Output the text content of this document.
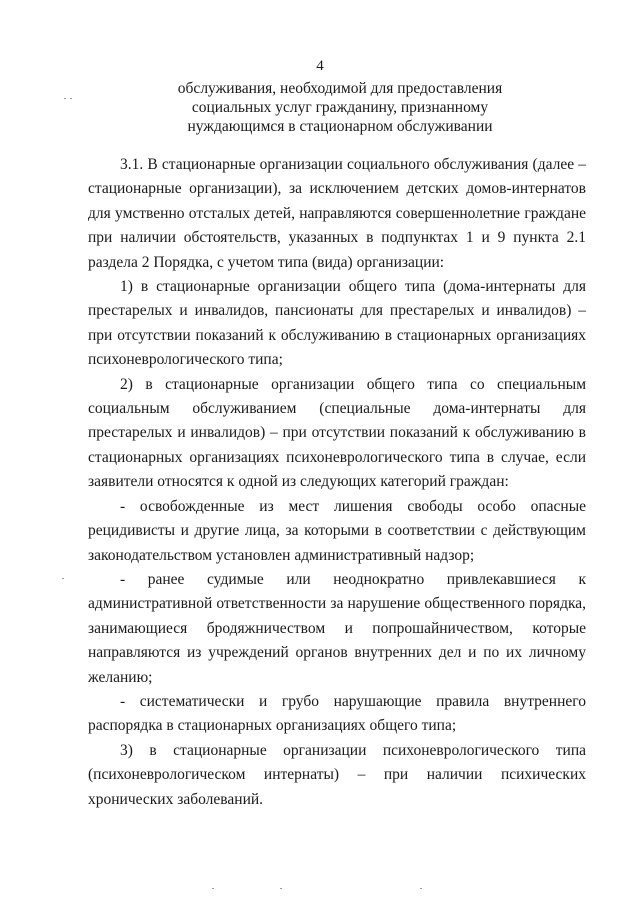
4
обслуживания, необходимой для предоставления
социальных услуг гражданину, признанному
нуждающимся в стационарном обслуживании

3.1. В стационарные организации социального обслуживания (далее – стационарные организации), за исключением детских домов-интернатов для умственно отсталых детей, направляются совершеннолетние граждане при наличии обстоятельств, указанных в подпунктах 1 и 9 пункта 2.1 раздела 2 Порядка, с учетом типа (вида) организации:

1) в стационарные организации общего типа (дома-интернаты для престарелых и инвалидов, пансионаты для престарелых и инвалидов) – при отсутствии показаний к обслуживанию в стационарных организациях психоневрологического типа;

2) в стационарные организации общего типа со специальным социальным обслуживанием (специальные дома-интернаты для престарелых и инвалидов) – при отсутствии показаний к обслуживанию в стационарных организациях психоневрологического типа в случае, если заявители относятся к одной из следующих категорий граждан:

- освобожденные из мест лишения свободы особо опасные рецидивисты и другие лица, за которыми в соответствии с действующим законодательством установлен административный надзор;

- ранее судимые или неоднократно привлекавшиеся к административной ответственности за нарушение общественного порядка, занимающиеся бродяжничеством и попрошайничеством, которые направляются из учреждений органов внутренних дел и по их личному желанию;

- систематически и грубо нарушающие правила внутреннего распорядка в стационарных организациях общего типа;

3) в стационарные организации психоневрологического типа (психоневрологическом интернаты) – при наличии психических хронических заболеваний.
